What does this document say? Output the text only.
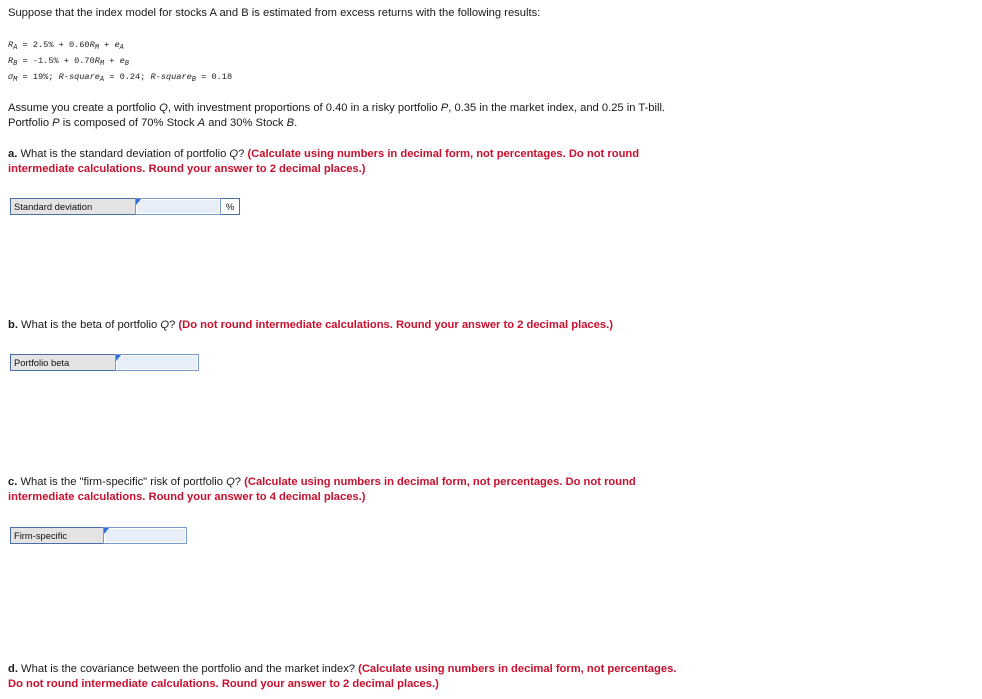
Suppose that the index model for stocks A and B is estimated from excess returns with the following results:

$R_A = 2.5\% + 0.60R_M + e_A$
$R_B = -1.5\% + 0.70R_M + e_B$
$\sigma_M = 19\%$; R-square$_A$ = 0.24; R-square$_B$ = 0.18

Assume you create a portfolio Q, with investment proportions of 0.40 in a risky portfolio P, 0.35 in the market index, and 0.25 in T-bill.
Portfolio P is composed of 70% Stock A and 30% Stock B.

a. What is the standard deviation of portfolio Q? (Calculate using numbers in decimal form, not percentages. Do not round
intermediate calculations. Round your answer to 2 decimal places.)

Standard deviation	%

b. What is the beta of portfolio Q? (Do not round intermediate calculations. Round your answer to 2 decimal places.)

Portfolio beta

c. What is the "firm-specific" risk of portfolio Q? (Calculate using numbers in decimal form, not percentages. Do not round
intermediate calculations. Round your answer to 4 decimal places.)

Firm-specific

d. What is the covariance between the portfolio and the market index? (Calculate using numbers in decimal form, not percentages.
Do not round intermediate calculations. Round your answer to 2 decimal places.)
